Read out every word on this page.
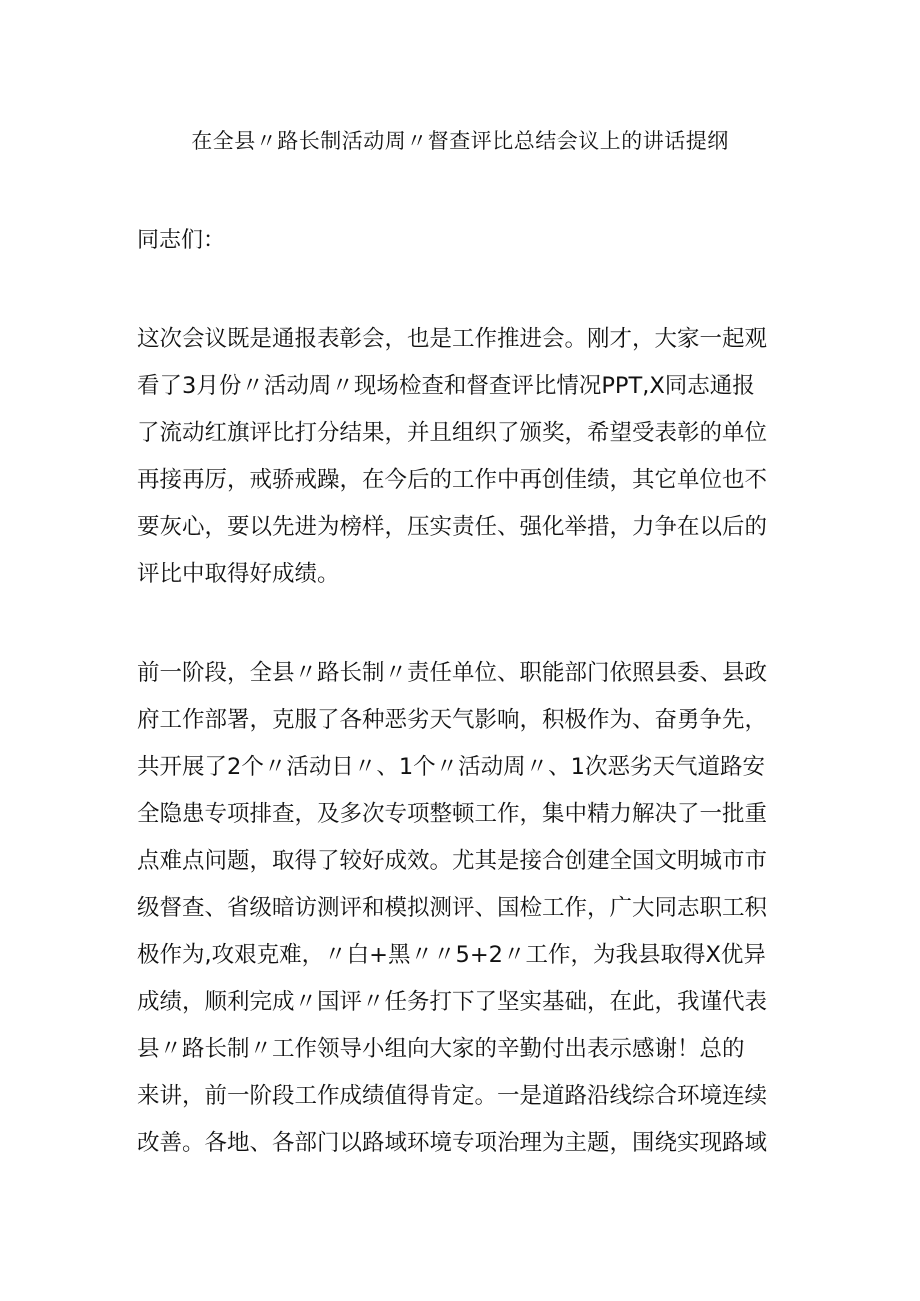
在全县〃路长制活动周〃督查评比总结会议上的讲话提纲
同志们：
这次会议既是通报表彰会，也是工作推进会。刚才，大家一起观
看了3月份〃活动周〃现场检查和督查评比情况PPT,X同志通报
了流动红旗评比打分结果，并且组织了颁奖，希望受表彰的单位
再接再厉，戒骄戒躁，在今后的工作中再创佳绩，其它单位也不
要灰心，要以先进为榜样，压实责任、强化举措，力争在以后的
评比中取得好成绩。
前一阶段，全县〃路长制〃责任单位、职能部门依照县委、县政
府工作部署，克服了各种恶劣天气影响，积极作为、奋勇争先，
共开展了2个〃活动日〃、1个〃活动周〃、1次恶劣天气道路安
全隐患专项排查，及多次专项整顿工作，集中精力解决了一批重
点难点问题，取得了较好成效。尤其是接合创建全国文明城市市
级督查、省级暗访测评和模拟测评、国检工作，广大同志职工积
极作为,攻艰克难，〃白+黑〃〃5+2〃工作，为我县取得X优异
成绩，顺利完成〃国评〃任务打下了坚实基础，在此，我谨代表
县〃路长制〃工作领导小组向大家的辛勤付出表示感谢！总的
来讲，前一阶段工作成绩值得肯定。一是道路沿线综合环境连续
改善。各地、各部门以路域环境专项治理为主题，围绕实现路域
